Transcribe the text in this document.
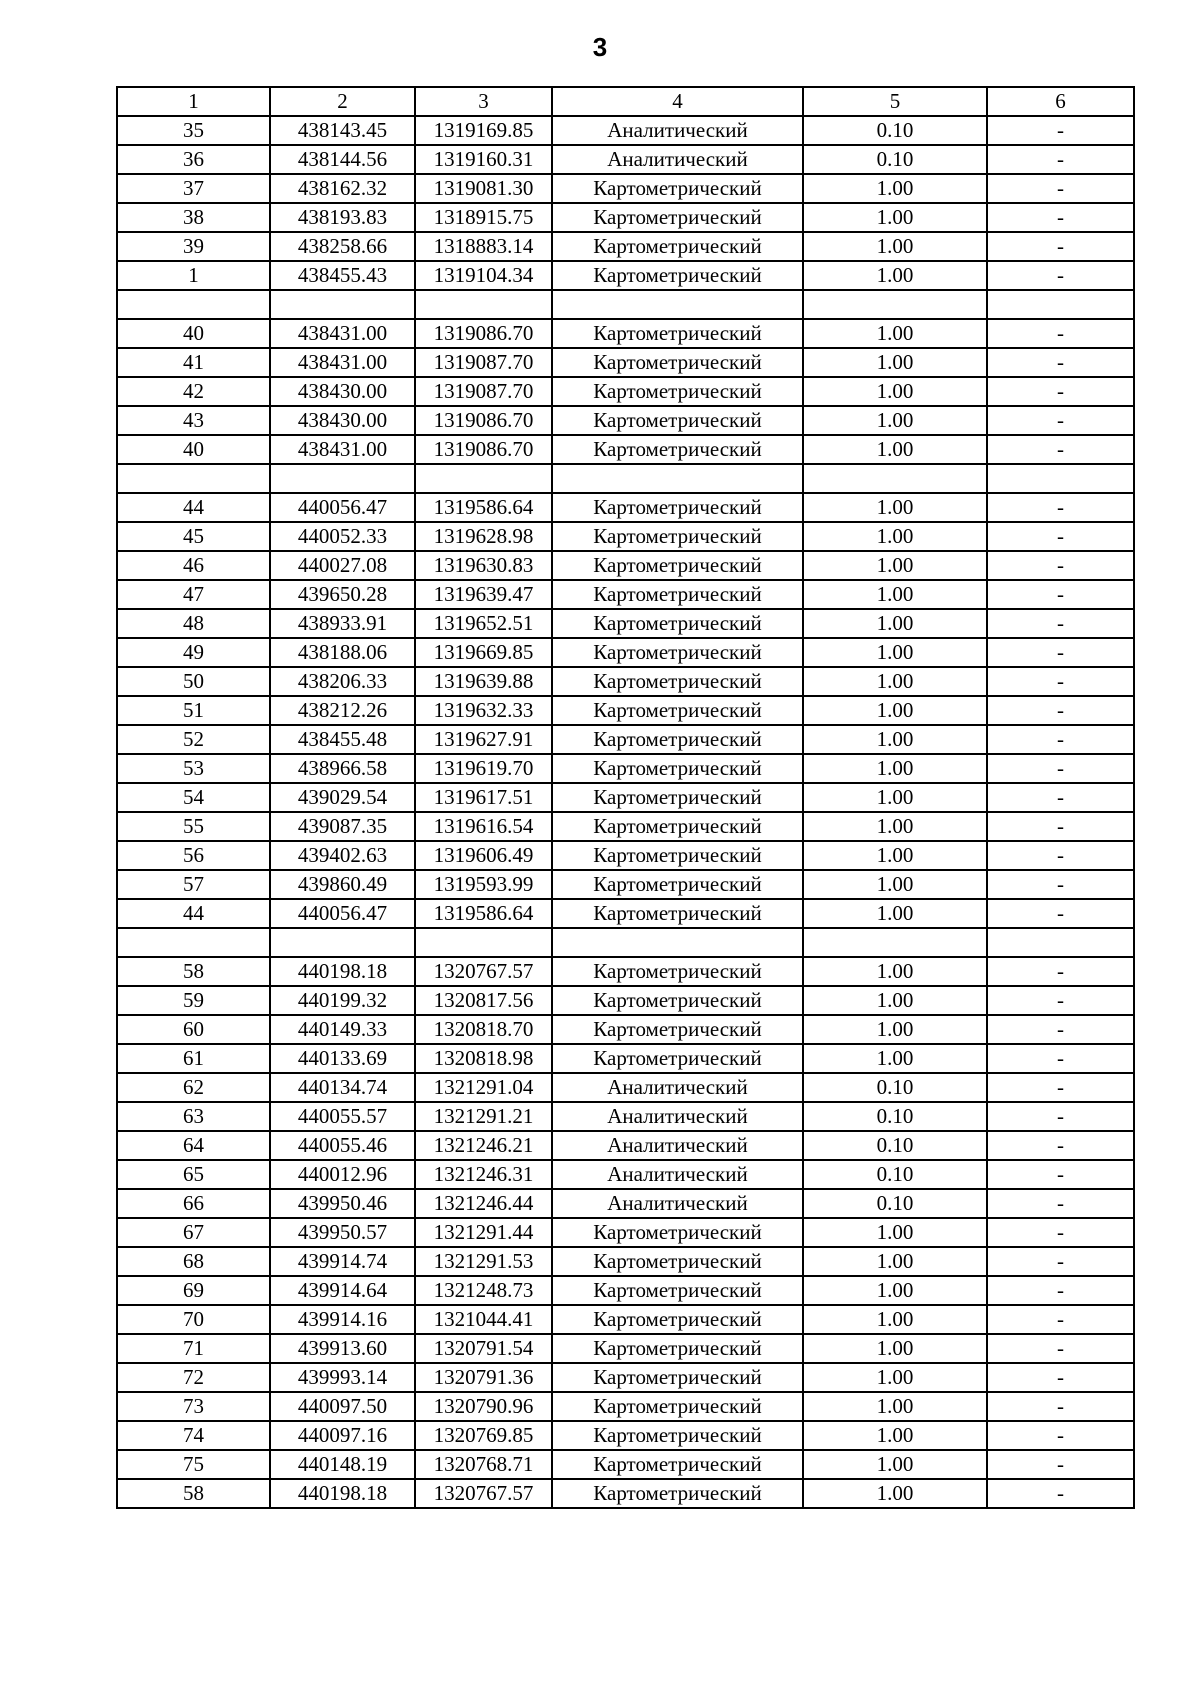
3
1	2	3	4	5	6
35	438143.45	1319169.85	Аналитический	0.10	-
36	438144.56	1319160.31	Аналитический	0.10	-
37	438162.32	1319081.30	Картометрический	1.00	-
38	438193.83	1318915.75	Картометрический	1.00	-
39	438258.66	1318883.14	Картометрический	1.00	-
1	438455.43	1319104.34	Картометрический	1.00	-

40	438431.00	1319086.70	Картометрический	1.00	-
41	438431.00	1319087.70	Картометрический	1.00	-
42	438430.00	1319087.70	Картометрический	1.00	-
43	438430.00	1319086.70	Картометрический	1.00	-
40	438431.00	1319086.70	Картометрический	1.00	-

44	440056.47	1319586.64	Картометрический	1.00	-
45	440052.33	1319628.98	Картометрический	1.00	-
46	440027.08	1319630.83	Картометрический	1.00	-
47	439650.28	1319639.47	Картометрический	1.00	-
48	438933.91	1319652.51	Картометрический	1.00	-
49	438188.06	1319669.85	Картометрический	1.00	-
50	438206.33	1319639.88	Картометрический	1.00	-
51	438212.26	1319632.33	Картометрический	1.00	-
52	438455.48	1319627.91	Картометрический	1.00	-
53	438966.58	1319619.70	Картометрический	1.00	-
54	439029.54	1319617.51	Картометрический	1.00	-
55	439087.35	1319616.54	Картометрический	1.00	-
56	439402.63	1319606.49	Картометрический	1.00	-
57	439860.49	1319593.99	Картометрический	1.00	-
44	440056.47	1319586.64	Картометрический	1.00	-

58	440198.18	1320767.57	Картометрический	1.00	-
59	440199.32	1320817.56	Картометрический	1.00	-
60	440149.33	1320818.70	Картометрический	1.00	-
61	440133.69	1320818.98	Картометрический	1.00	-
62	440134.74	1321291.04	Аналитический	0.10	-
63	440055.57	1321291.21	Аналитический	0.10	-
64	440055.46	1321246.21	Аналитический	0.10	-
65	440012.96	1321246.31	Аналитический	0.10	-
66	439950.46	1321246.44	Аналитический	0.10	-
67	439950.57	1321291.44	Картометрический	1.00	-
68	439914.74	1321291.53	Картометрический	1.00	-
69	439914.64	1321248.73	Картометрический	1.00	-
70	439914.16	1321044.41	Картометрический	1.00	-
71	439913.60	1320791.54	Картометрический	1.00	-
72	439993.14	1320791.36	Картометрический	1.00	-
73	440097.50	1320790.96	Картометрический	1.00	-
74	440097.16	1320769.85	Картометрический	1.00	-
75	440148.19	1320768.71	Картометрический	1.00	-
58	440198.18	1320767.57	Картометрический	1.00	-
